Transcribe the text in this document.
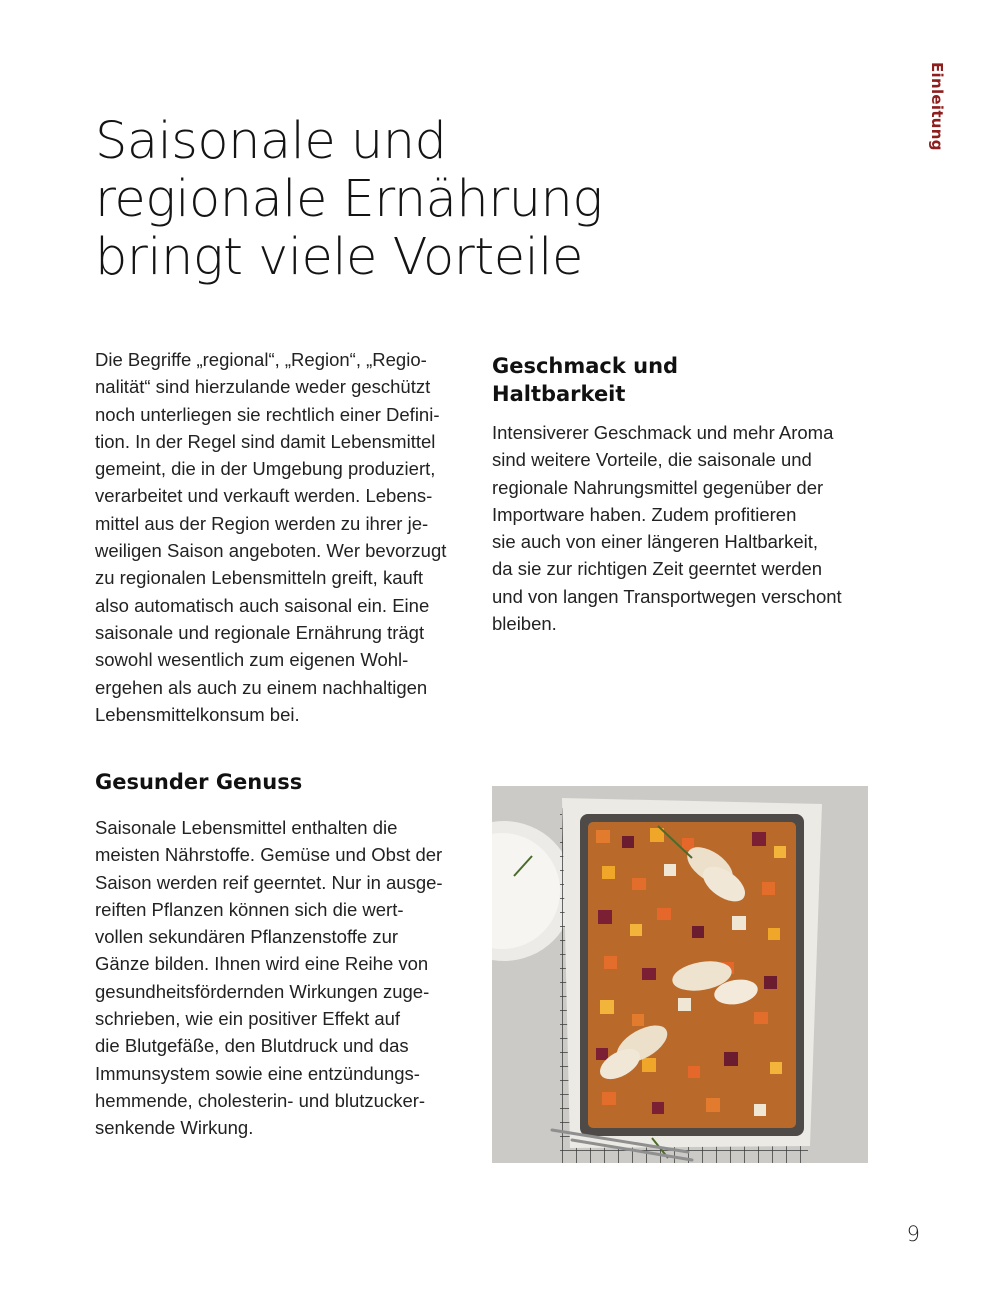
Einleitung
Saisonale und
regionale Ernährung
bringt viele Vorteile

Die Begriffe „regional“, „Region“, „Regio-
nalität“ sind hierzulande weder geschützt
noch unterliegen sie rechtlich einer Defini-
tion. In der Regel sind damit Lebensmittel
gemeint, die in der Umgebung produziert,
verarbeitet und verkauft werden. Lebens-
mittel aus der Region werden zu ihrer je-
weiligen Saison angeboten. Wer bevorzugt
zu regionalen Lebensmitteln greift, kauft
also automatisch auch saisonal ein. Eine
saisonale und regionale Ernährung trägt
sowohl wesentlich zum eigenen Wohl-
ergehen als auch zu einem nachhaltigen
Lebensmittelkonsum bei.

Geschmack und
Haltbarkeit

Intensiverer Geschmack und mehr Aroma
sind weitere Vorteile, die saisonale und
regionale Nahrungsmittel gegenüber der
Importware haben. Zudem profitieren
sie auch von einer längeren Haltbarkeit,
da sie zur richtigen Zeit geerntet werden
und von langen Transportwegen verschont
bleiben.

Gesunder Genuss

Saisonale Lebensmittel enthalten die
meisten Nährstoffe. Gemüse und Obst der
Saison werden reif geerntet. Nur in ausge-
reiften Pflanzen können sich die wert-
vollen sekundären Pflanzenstoffe zur
Gänze bilden. Ihnen wird eine Reihe von
gesundheitsfördernden Wirkungen zuge-
schrieben, wie ein positiver Effekt auf
die Blutgefäße, den Blutdruck und das
Immunsystem sowie eine entzündungs-
hemmende, cholesterin- und blutzucker-
senkende Wirkung.

9
